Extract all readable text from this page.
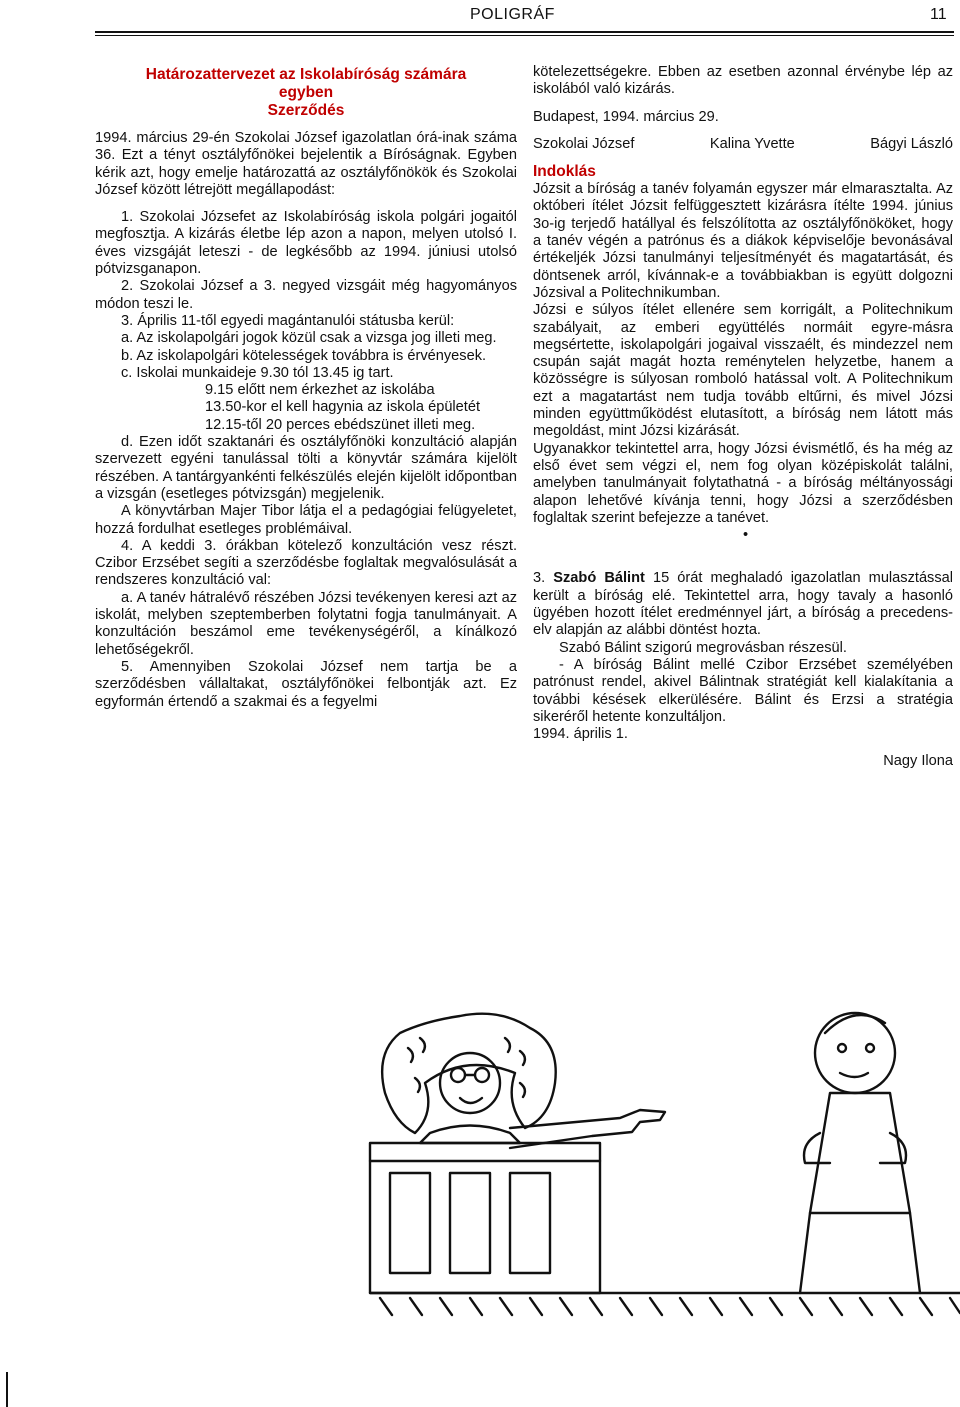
POLIGRÁF	11

Határozattervezet az Iskolabíróság számára

egyben

Szerződés

1994. március 29-én Szokolai József igazolatlan órá-inak száma 36. Ezt a tényt osztályfőnökei bejelentik a Bíróságnak. Egyben kérik azt, hogy emelje határozattá az osztályfőnökök és Szokolai József között létrejött megállapodást:

1. Szokolai Józsefet az Iskolabíróság iskola polgári jogaitól megfosztja. A kizárás életbe lép azon a napon, melyen utolsó I. éves vizsgáját leteszi - de legkésőbb az 1994. júniusi utolsó pótvizsganapon.

2. Szokolai József a 3. negyed vizsgáit még hagyományos módon teszi le.

3. Április 11-től egyedi magántanulói státusba kerül:

a. Az iskolapolgári jogok közül csak a vizsga jog illeti meg.

b. Az iskolapolgári kötelességek továbbra is érvényesek.

c. Iskolai munkaideje 9.30 tól 13.45 ig tart.

9.15 előtt nem érkezhet az iskolába

13.50-kor el kell hagynia az iskola épületét

12.15-től 20 perces ebédszünet illeti meg.

d. Ezen időt szaktanári és osztályfőnöki konzultáció alapján szervezett egyéni tanulással tölti a könyvtár számára kijelölt részében. A tantárgyankénti felkészülés elején kijelölt időpontban a vizsgán (esetleges pótvizsgán) megjelenik.

A könyvtárban Majer Tibor látja el a pedagógiai felügyeletet, hozzá fordulhat esetleges problémáival.

4. A keddi 3. órákban kötelező konzultáción vesz részt. Czibor Erzsébet segíti a szerződésbe foglaltak megvalósulását a rendszeres konzultáció val:

a. A tanév hátralévő részében Józsi tevékenyen keresi azt az iskolát, melyben szeptemberben folytatni fogja tanulmányait. A konzultáción beszámol eme tevékenységéről, a kínálkozó lehetőségekről.

5. Amennyiben Szokolai József nem tartja be a szerződésben vállaltakat, osztályfőnökei felbontják azt. Ez egyformán értendő a szakmai és a fegyelmi

kötelezettségekre. Ebben az esetben azonnal érvénybe lép az iskolából való kizárás.

Budapest, 1994. március 29.

Szokolai József	Kalina Yvette	Bágyi László

Indoklás

Józsit a bíróság a tanév folyamán egyszer már elmarasztalta. Az októberi ítélet Józsit felfüggesztett kizárásra ítélte 1994. június 3o-ig terjedő hatállyal és felszólította az osztályfőnököket, hogy a tanév végén a patrónus és a diákok képviselője bevonásával értékeljék Józsi tanulmányi teljesítményét és magatartását, és döntsenek arról, kívánnak-e a továbbiakban is együtt dolgozni Józsival a Politechnikumban.

Józsi e súlyos ítélet ellenére sem korrigált, a Politechnikum szabályait, az emberi együttélés normáit egyre-másra megsértette, iskolapolgári jogaival visszaélt, és mindezzel nem csupán saját magát hozta reménytelen helyzetbe, hanem a közösségre is súlyosan romboló hatással volt. A Politechnikum ezt a magatartást nem tudja tovább eltűrni, és mivel Józsi minden együttműködést elutasított, a bíróság nem látott más megoldást, mint Józsi kizárását.

Ugyanakkor tekintettel arra, hogy Józsi évismétlő, és ha még az első évet sem végzi el, nem fog olyan középiskolát találni, amelyben tanulmányait folytathatná - a bíróság méltányossági alapon lehetővé kívánja tenni, hogy Józsi a szerződésben foglaltak szerint befejezze a tanévet.

•

3. Szabó Bálint 15 órát meghaladó igazolatlan mulasztással került a bíróság elé. Tekintettel arra, hogy tavaly a hasonló ügyében hozott ítélet eredménnyel járt, a bíróság a precedens-elv alapján az alábbi döntést hozta.

Szabó Bálint szigorú megrovásban részesül.

- A bíróság Bálint mellé Czibor Erzsébet személyében patrónust rendel, akivel Bálintnak stratégiát kell kialakítania a további késések elkerülésére. Bálint és Erzsi a stratégia sikeréről hetente konzultáljon.

1994. április 1.

Nagy Ilona
